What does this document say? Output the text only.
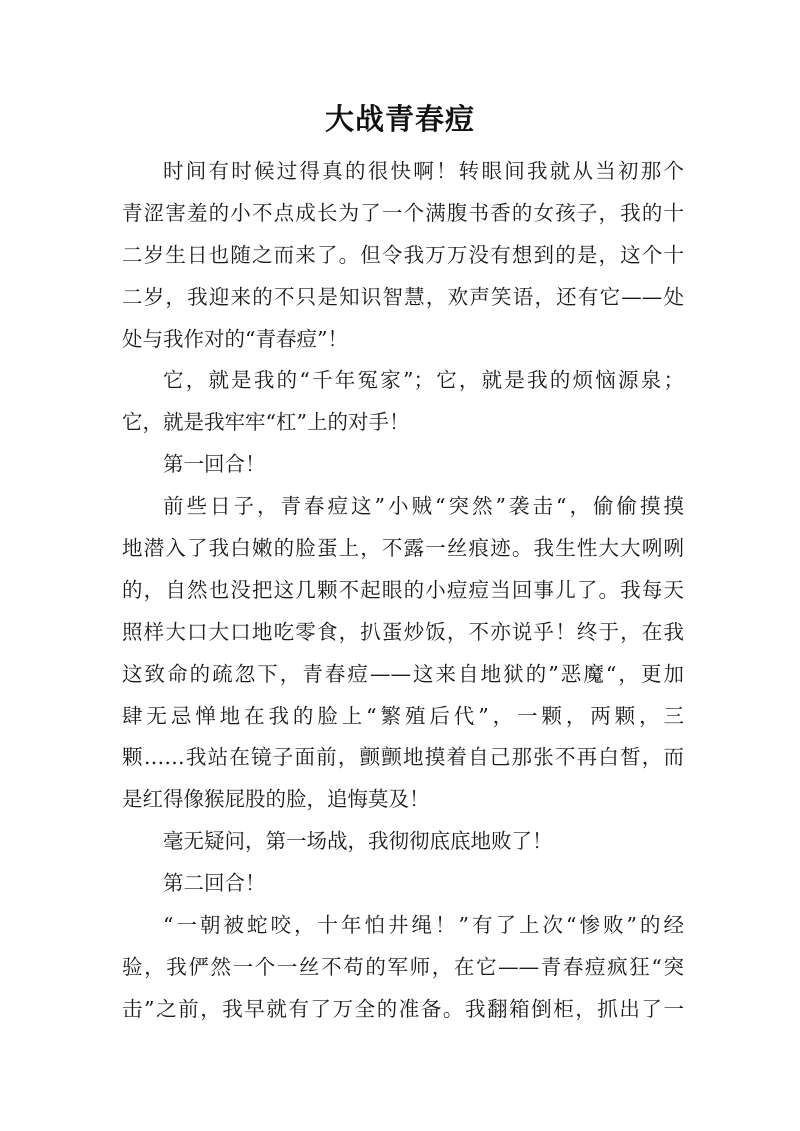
大战青春痘
时间有时候过得真的很快啊！转眼间我就从当初那个
青涩害羞的小不点成长为了一个满腹书香的女孩子，我的十
二岁生日也随之而来了。但令我万万没有想到的是，这个十
二岁，我迎来的不只是知识智慧，欢声笑语，还有它——处
处与我作对的“青春痘”！
它，就是我的“千年冤家”；它，就是我的烦恼源泉；
它，就是我牢牢“杠”上的对手！
第一回合！
前些日子，青春痘这”小贼“突然”袭击“，偷偷摸摸
地潜入了我白嫩的脸蛋上，不露一丝痕迹。我生性大大咧咧
的，自然也没把这几颗不起眼的小痘痘当回事儿了。我每天
照样大口大口地吃零食，扒蛋炒饭，不亦说乎！终于，在我
这致命的疏忽下，青春痘——这来自地狱的”恶魔“，更加
肆无忌惮地在我的脸上“繁殖后代”，一颗，两颗，三
颗……我站在镜子面前，颤颤地摸着自己那张不再白皙，而
是红得像猴屁股的脸，追悔莫及！
毫无疑问，第一场战，我彻彻底底地败了！
第二回合！
“一朝被蛇咬，十年怕井绳！”有了上次“惨败”的经
验，我俨然一个一丝不苟的军师，在它——青春痘疯狂“突
击”之前，我早就有了万全的准备。我翻箱倒柜，抓出了一
